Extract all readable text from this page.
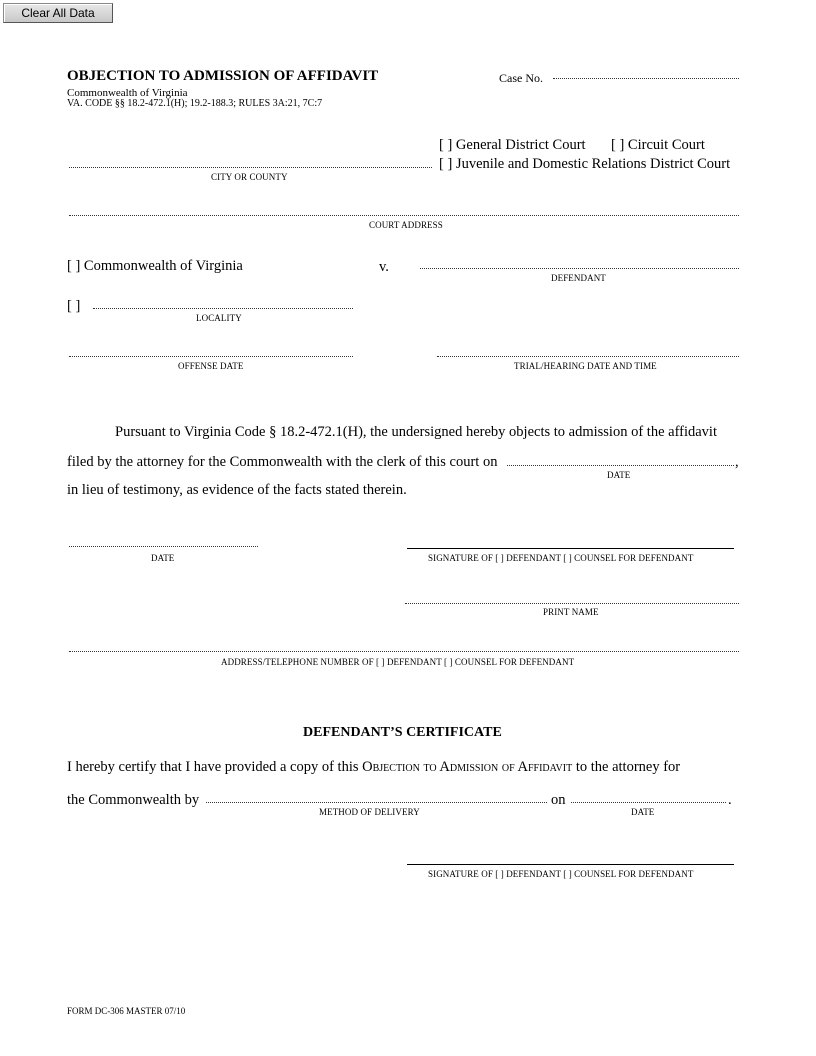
Clear All Data
OBJECTION TO ADMISSION OF AFFIDAVIT
Commonwealth of Virginia
VA. CODE §§ 18.2-472.1(H); 19.2-188.3; RULES 3A:21, 7C:7
Case No.
[ ] General District Court [ ] Circuit Court
[ ] Juvenile and Domestic Relations District Court
CITY OR COUNTY
COURT ADDRESS
[ ] Commonwealth of Virginia	v.
DEFENDANT
[ ]
LOCALITY
OFFENSE DATE	TRIAL/HEARING DATE AND TIME
Pursuant to Virginia Code § 18.2-472.1(H), the undersigned hereby objects to admission of the affidavit
filed by the attorney for the Commonwealth with the clerk of this court on	,
DATE
in lieu of testimony, as evidence of the facts stated therein.
DATE	SIGNATURE OF [ ] DEFENDANT [ ] COUNSEL FOR DEFENDANT
PRINT NAME
ADDRESS/TELEPHONE NUMBER OF [ ] DEFENDANT [ ] COUNSEL FOR DEFENDANT
DEFENDANT’S CERTIFICATE
I hereby certify that I have provided a copy of this Objection to Admission of Affidavit to the attorney for
the Commonwealth by	on	.
METHOD OF DELIVERY	DATE
SIGNATURE OF [ ] DEFENDANT [ ] COUNSEL FOR DEFENDANT
FORM DC-306 MASTER 07/10
